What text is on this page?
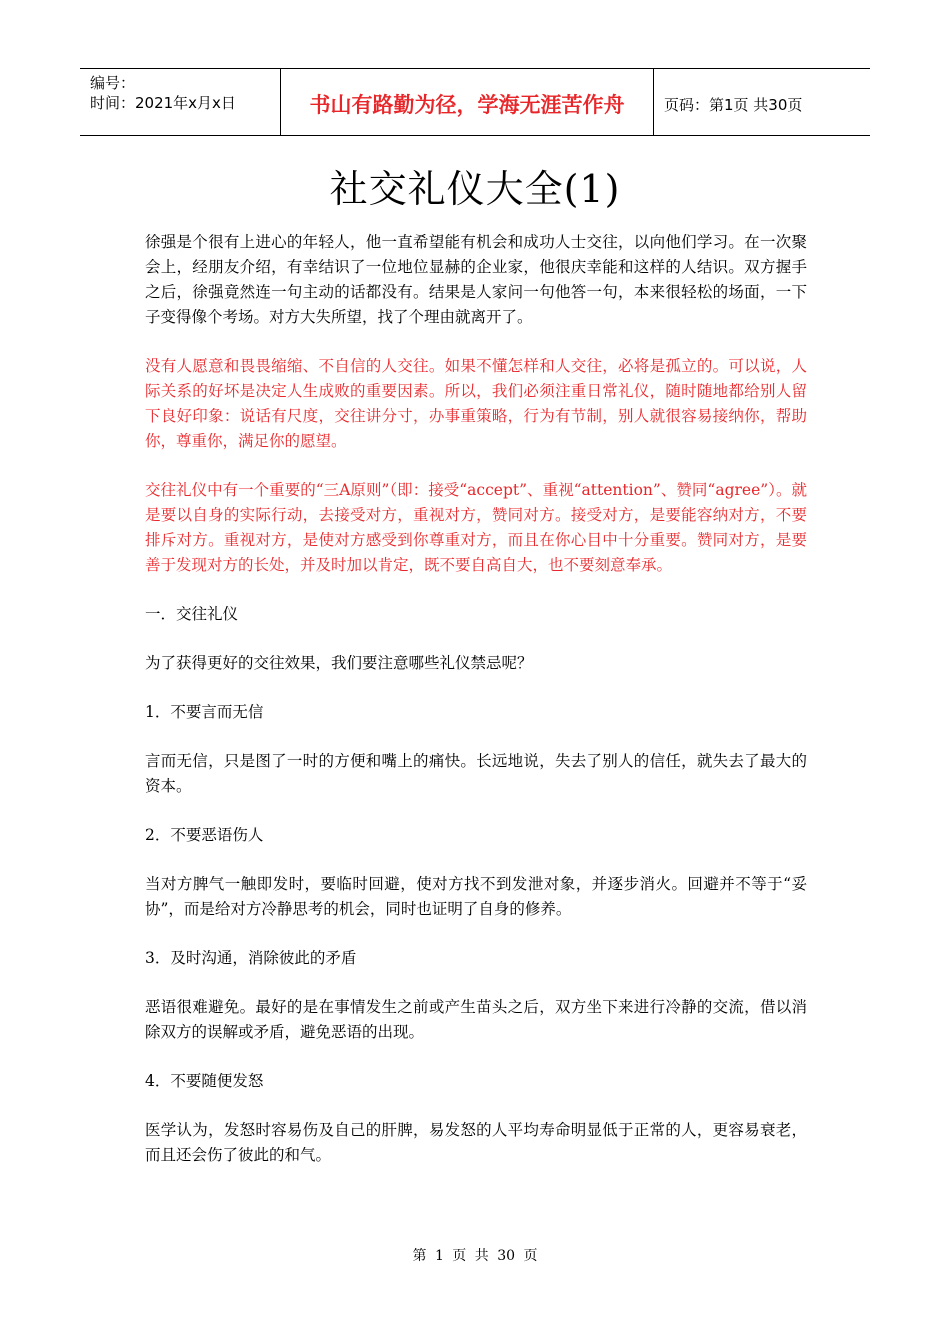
编号：
时间：2021年x月x日	书山有路勤为径，学海无涯苦作舟	页码：第1页 共30页
社交礼仪大全(1)

徐强是个很有上进心的年轻人，他一直希望能有机会和成功人士交往，以向他们学习。在一次聚会上，经朋友介绍，有幸结识了一位地位显赫的企业家，他很庆幸能和这样的人结识。双方握手之后，徐强竟然连一句主动的话都没有。结果是人家问一句他答一句，本来很轻松的场面，一下子变得像个考场。对方大失所望，找了个理由就离开了。

没有人愿意和畏畏缩缩、不自信的人交往。如果不懂怎样和人交往，必将是孤立的。可以说，人际关系的好坏是决定人生成败的重要因素。所以，我们必须注重日常礼仪，随时随地都给别人留下良好印象：说话有尺度，交往讲分寸，办事重策略，行为有节制，别人就很容易接纳你，帮助你，尊重你，满足你的愿望。

交往礼仪中有一个重要的“三A原则”（即：接受“accept”、重视“attention”、赞同“agree”）。就是要以自身的实际行动，去接受对方，重视对方，赞同对方。接受对方，是要能容纳对方，不要排斥对方。重视对方，是使对方感受到你尊重对方，而且在你心目中十分重要。赞同对方，是要善于发现对方的长处，并及时加以肯定，既不要自高自大，也不要刻意奉承。

一．交往礼仪

为了获得更好的交往效果，我们要注意哪些礼仪禁忌呢？

1．不要言而无信

言而无信，只是图了一时的方便和嘴上的痛快。长远地说，失去了别人的信任，就失去了最大的资本。

2．不要恶语伤人

当对方脾气一触即发时，要临时回避，使对方找不到发泄对象，并逐步消火。回避并不等于“妥协”，而是给对方冷静思考的机会，同时也证明了自身的修养。

3．及时沟通，消除彼此的矛盾

恶语很难避免。最好的是在事情发生之前或产生苗头之后，双方坐下来进行冷静的交流，借以消除双方的误解或矛盾，避免恶语的出现。

4．不要随便发怒

医学认为，发怒时容易伤及自己的肝脾，易发怒的人平均寿命明显低于正常的人，更容易衰老，而且还会伤了彼此的和气。

第 1 页 共 30 页
